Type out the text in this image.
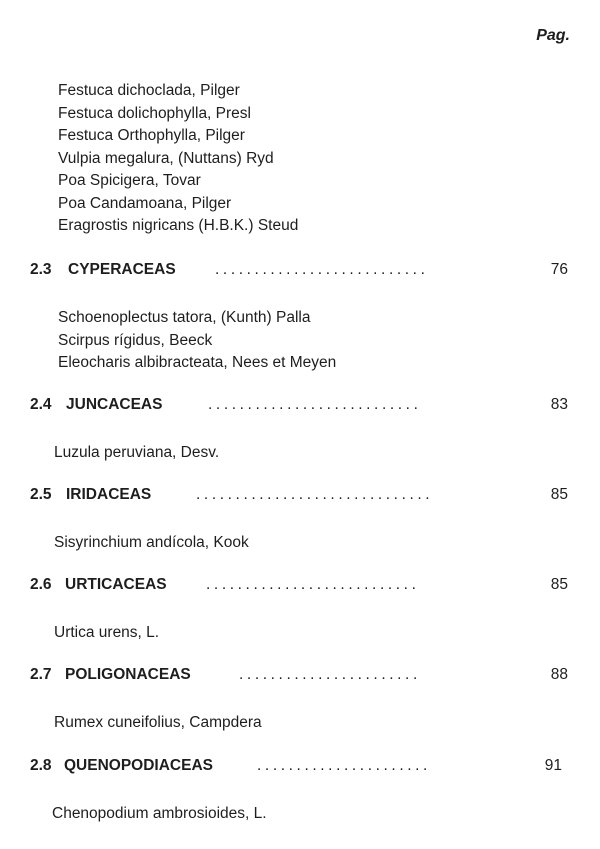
Pag.
Festuca dichoclada, Pilger
Festuca dolichophylla, Presl
Festuca Orthophylla, Pilger
Vulpia megalura, (Nuttans) Ryd
Poa Spicigera, Tovar
Poa Candamoana, Pilger
Eragrostis nigricans (H.B.K.) Steud
2.3 CYPERACEAS	...........................	76
Schoenoplectus tatora, (Kunth) Palla
Scirpus rígidus, Beeck
Eleocharis albibracteata, Nees et Meyen
2.4 JUNCACEAS	...........................	83
Luzula peruviana, Desv.
2.5 IRIDACEAS	..............................	85
Sisyrinchium andícola, Kook
2.6 URTICACEAS	...........................	85
Urtica urens, L.
2.7 POLIGONACEAS	.......................	88
Rumex cuneifolius, Campdera
2.8 QUENOPODIACEAS	......................	91
Chenopodium ambrosioides, L.
